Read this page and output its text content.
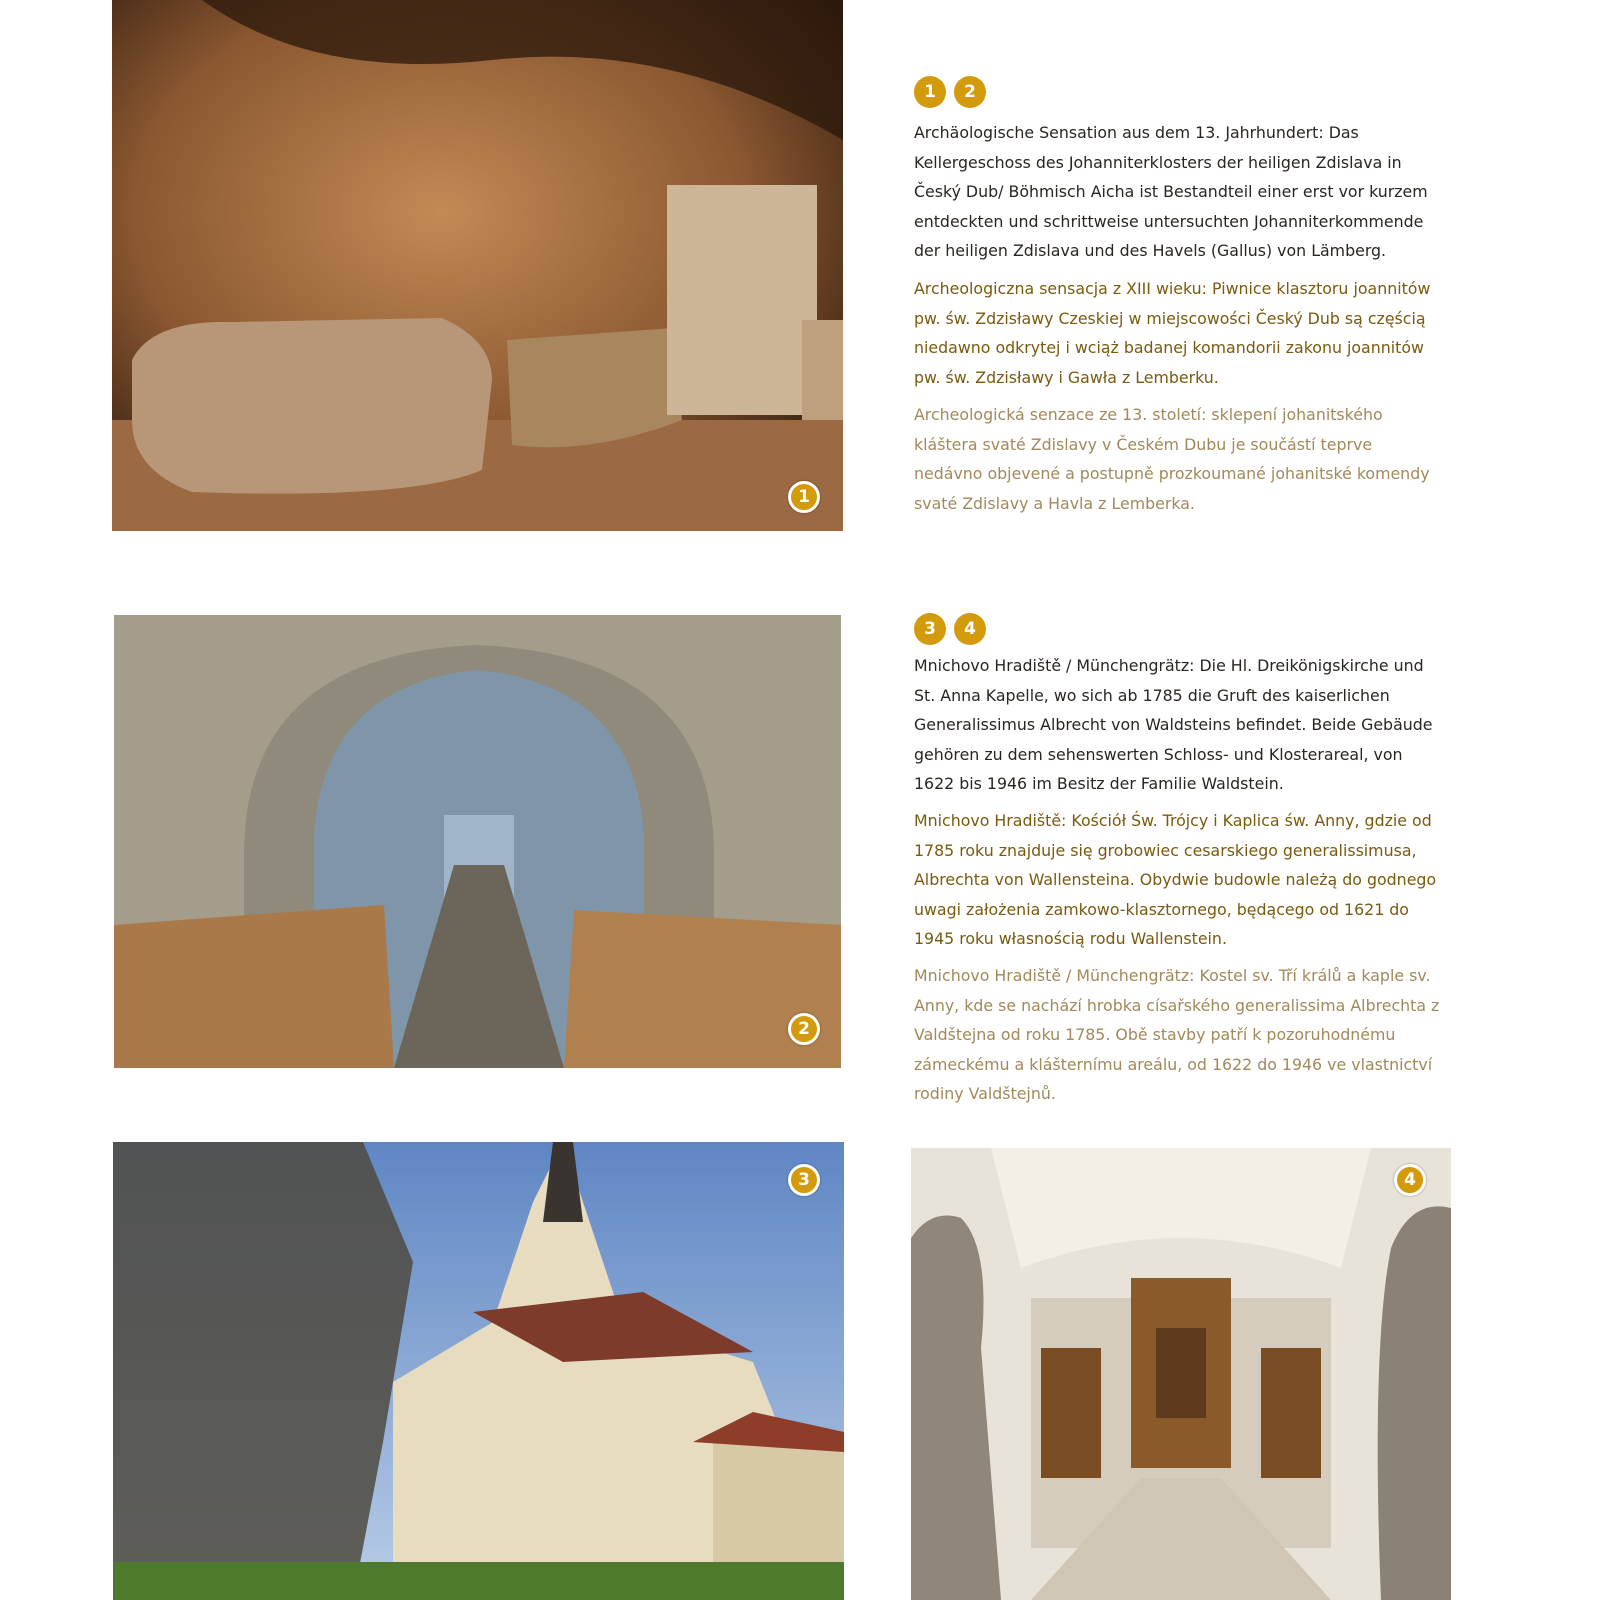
1
1	2

Archäologische Sensation aus dem 13. Jahrhundert: Das Kellergeschoss des Johanniterklosters der heiligen Zdislava in Český Dub/ Böhmisch Aicha ist Bestandteil einer erst vor kurzem entdeckten und schrittweise untersuchten Johanniterkommende der heiligen Zdislava und des Havels (Gallus) von Lämberg.

Archeologiczna sensacja z XIII wieku: Piwnice klasztoru joannitów pw. św. Zdzisławy Czeskiej w miejscowości Český Dub są częścią niedawno odkrytej i wciąż badanej komandorii zakonu joannitów pw. św. Zdzisławy i Gawła z Lemberku.

Archeologická senzace ze 13. století: sklepení johanitského kláštera svaté Zdislavy v Českém Dubu je součástí teprve nedávno objevené a postupně prozkoumané johanitské komendy svaté Zdislavy a Havla z Lemberka.

2
3	4

Mnichovo Hradiště / Münchengrätz: Die Hl. Dreikönigskirche und St. Anna Kapelle, wo sich ab 1785 die Gruft des kaiserlichen Generalissimus Albrecht von Waldsteins befindet. Beide Gebäude gehören zu dem sehenswerten Schloss- und Klosterareal, von 1622 bis 1946 im Besitz der Familie Waldstein.

Mnichovo Hradiště: Kościół Św. Trójcy i Kaplica św. Anny, gdzie od 1785 roku znajduje się grobowiec cesarskiego generalissimusa, Albrechta von Wallensteina. Obydwie budowle należą do godnego uwagi założenia zamkowo-klasztornego, będącego od 1621 do 1945 roku własnością rodu Wallenstein.

Mnichovo Hradiště / Münchengrätz: Kostel sv. Tří králů a kaple sv. Anny, kde se nachází hrobka císařského generalissima Albrechta z Valdštejna od roku 1785. Obě stavby patří k pozoruhodnému zámeckému a klášternímu areálu, od 1622 do 1946 ve vlastnictví rodiny Valdštejnů.

3	4
